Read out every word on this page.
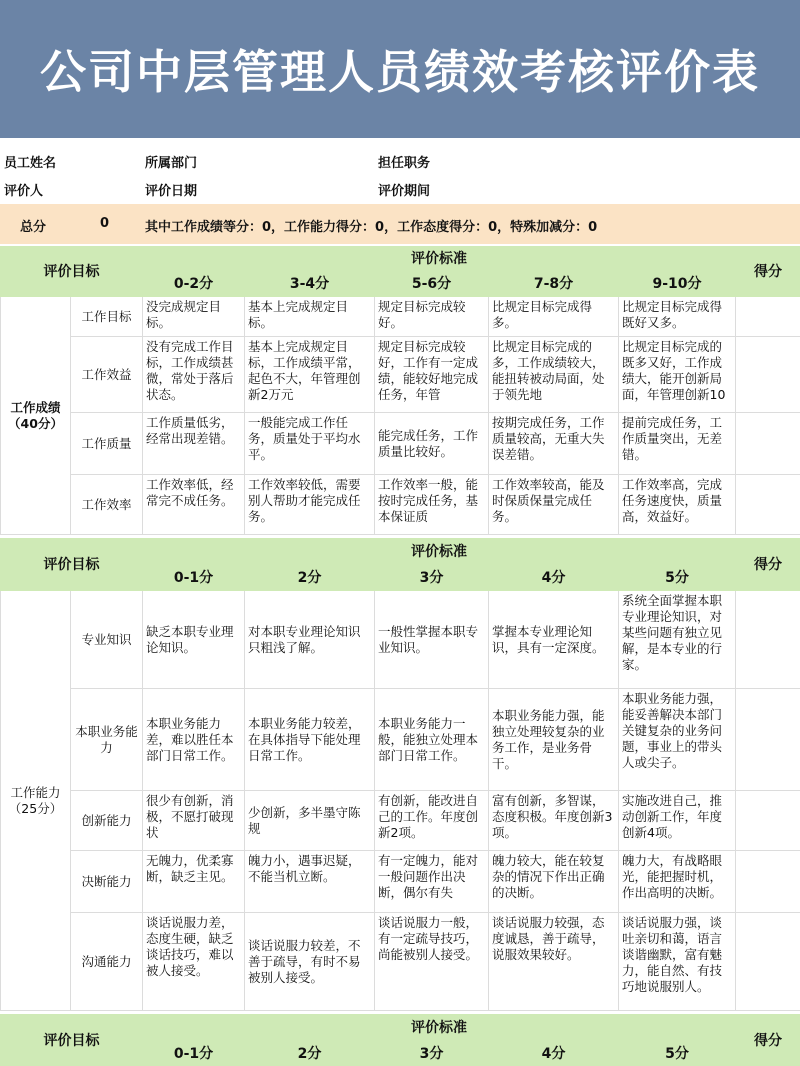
公司中层管理人员绩效考核评价表
员工姓名	所属部门	担任职务
评价人	评价日期	评价期间
总分	0	其中工作成绩等分：0，工作能力得分：0，工作态度得分：0，特殊加减分：0
评价目标		评价标准					得分
		0-2分	3-4分	5-6分	7-8分	9-10分	

工作成绩
（40分）	工作目标	没完成规定目标。	基本上完成规定目标。	规定目标完成较好。	比规定目标完成得多。	比规定目标完成得既好又多。	
	工作效益	没有完成工作目标，工作成绩甚微，常处于落后状态。	基本上完成规定目标，工作成绩平常，起色不大，年管理创新2万元	规定目标完成较好，工作有一定成绩，能较好地完成任务，年管	比规定目标完成的多，工作成绩较大，能扭转被动局面，处于领先地	比规定目标完成的既多又好，工作成绩大，能开创新局面，年管理创新10	
	工作质量	工作质量低劣，经常出现差错。	一般能完成工作任务，质量处于平均水平。	能完成任务，工作质量比较好。	按期完成任务，工作质量较高，无重大失误差错。	提前完成任务，工作质量突出，无差错。	
	工作效率	工作效率低，经常完不成任务。	工作效率较低，需要别人帮助才能完成任务。	工作效率一般，能按时完成任务，基本保证质	工作效率较高，能及时保质保量完成任务。	工作效率高，完成任务速度快，质量高，效益好。	
评价目标		评价标准					得分
		0-1分	2分	3分	4分	5分	

工作能力
（25分）	专业知识	缺乏本职专业理论知识。	对本职专业理论知识只粗浅了解。	一般性掌握本职专业知识。	掌握本专业理论知识，具有一定深度。	系统全面掌握本职专业理论知识，对某些问题有独立见解，是本专业的行家。	
	本职业务能力	本职业务能力差，难以胜任本部门日常工作。	本职业务能力较差，在具体指导下能处理日常工作。	本职业务能力一般，能独立处理本部门日常工作。	本职业务能力强，能独立处理较复杂的业务工作，是业务骨干。	本职业务能力强，能妥善解决本部门关键复杂的业务问题，事业上的带头人或尖子。	
	创新能力	很少有创新，消极，不愿打破现状	少创新，多半墨守陈规	有创新，能改进自己的工作。年度创新2项。	富有创新，多智谋，态度积极。年度创新3项。	实施改进自己，推动创新工作，年度创新4项。	
	决断能力	无魄力，优柔寡断，缺乏主见。	魄力小，遇事迟疑，不能当机立断。	有一定魄力，能对一般问题作出决断，偶尔有失	魄力较大，能在较复杂的情况下作出正确的决断。	魄力大，有战略眼光，能把握时机，作出高明的决断。	
	沟通能力	谈话说服力差，态度生硬，缺乏谈话技巧，难以被人接受。	谈话说服力较差，不善于疏导，有时不易被别人接受。	谈话说服力一般，有一定疏导技巧，尚能被别人接受。	谈话说服力较强，态度诚恳，善于疏导，说服效果较好。	谈话说服力强，谈吐亲切和蔼，语言谈谐幽默，富有魅力，能自然、有技巧地说服别人。	
评价目标	评价标准					得分
	0-1分	2分	3分	4分	5分	
